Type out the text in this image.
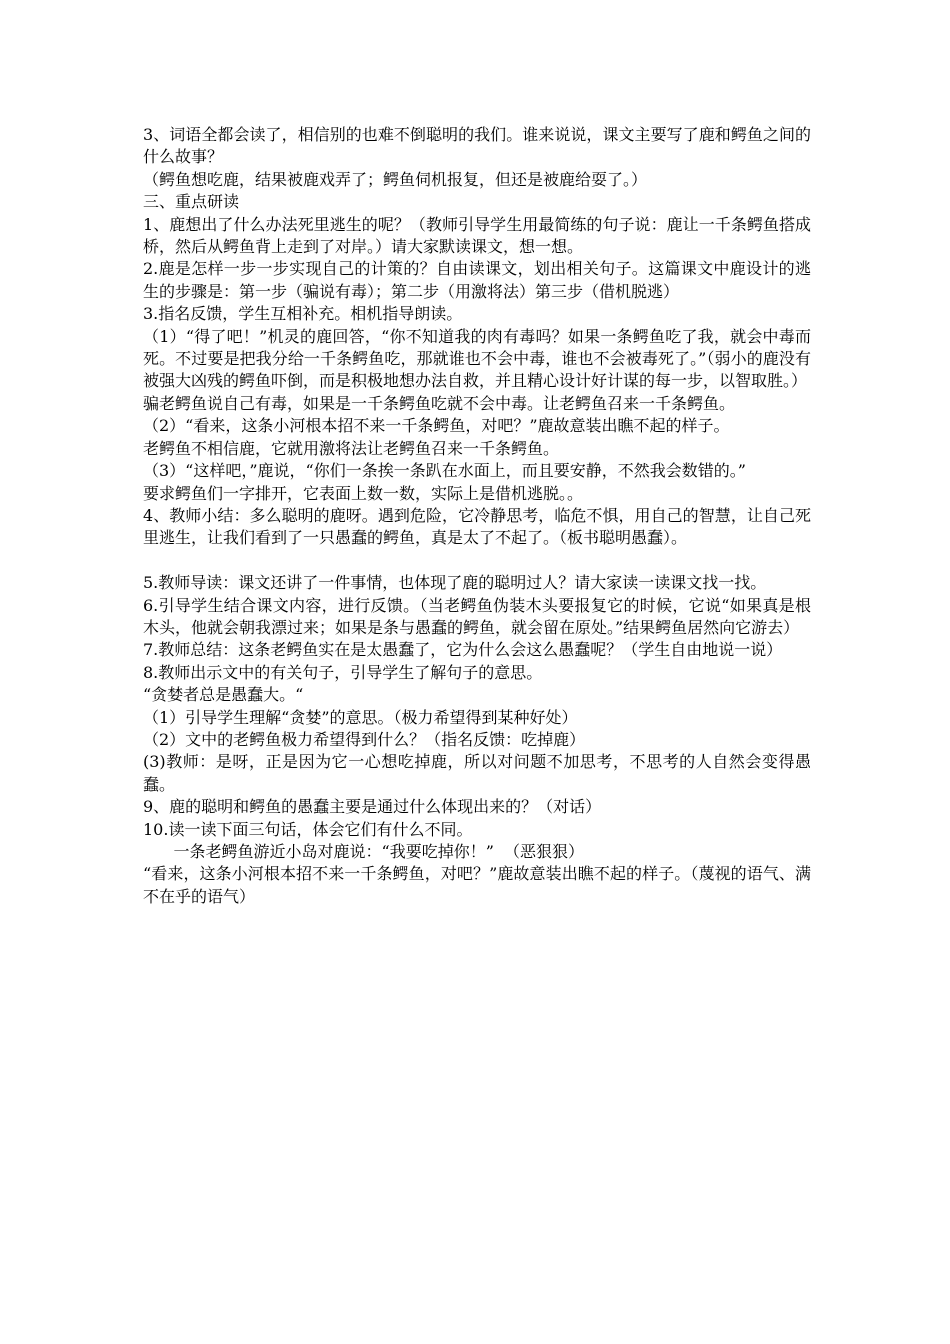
3、词语全都会读了，相信别的也难不倒聪明的我们。谁来说说，课文主要写了鹿和鳄鱼之间的什么故事？

（鳄鱼想吃鹿，结果被鹿戏弄了；鳄鱼伺机报复，但还是被鹿给耍了。）

三、重点研读

1、鹿想出了什么办法死里逃生的呢？（教师引导学生用最简练的句子说：鹿让一千条鳄鱼搭成桥，然后从鳄鱼背上走到了对岸。）请大家默读课文，想一想。

2.鹿是怎样一步一步实现自己的计策的？自由读课文，划出相关句子。这篇课文中鹿设计的逃生的步骤是：第一步（骗说有毒）；第二步（用激将法）第三步（借机脱逃）

3.指名反馈，学生互相补充。相机指导朗读。

（1）“得了吧！”机灵的鹿回答，“你不知道我的肉有毒吗？如果一条鳄鱼吃了我，就会中毒而死。不过要是把我分给一千条鳄鱼吃，那就谁也不会中毒，谁也不会被毒死了。”（弱小的鹿没有被强大凶残的鳄鱼吓倒，而是积极地想办法自救，并且精心设计好计谋的每一步，以智取胜。）

骗老鳄鱼说自己有毒，如果是一千条鳄鱼吃就不会中毒。让老鳄鱼召来一千条鳄鱼。

（2）“看来，这条小河根本招不来一千条鳄鱼，对吧？”鹿故意装出瞧不起的样子。

老鳄鱼不相信鹿，它就用激将法让老鳄鱼召来一千条鳄鱼。

（3）“这样吧，”鹿说，“你们一条挨一条趴在水面上，而且要安静，不然我会数错的。”

要求鳄鱼们一字排开，它表面上数一数，实际上是借机逃脱。。

4、教师小结：多么聪明的鹿呀。遇到危险，它冷静思考，临危不惧，用自己的智慧，让自己死里逃生，让我们看到了一只愚蠢的鳄鱼，真是太了不起了。（板书聪明愚蠢）。

5.教师导读：课文还讲了一件事情，也体现了鹿的聪明过人？请大家读一读课文找一找。

6.引导学生结合课文内容，进行反馈。（当老鳄鱼伪装木头要报复它的时候，它说“如果真是根木头，他就会朝我漂过来；如果是条与愚蠢的鳄鱼，就会留在原处。”结果鳄鱼居然向它游去）

7.教师总结：这条老鳄鱼实在是太愚蠢了，它为什么会这么愚蠢呢？（学生自由地说一说）

8.教师出示文中的有关句子，引导学生了解句子的意思。

“贪婪者总是愚蠢大。“

（1）引导学生理解“贪婪”的意思。（极力希望得到某种好处）

（2）文中的老鳄鱼极力希望得到什么？（指名反馈：吃掉鹿）

(3)教师：是呀，正是因为它一心想吃掉鹿，所以对问题不加思考，不思考的人自然会变得愚蠢。

9、鹿的聪明和鳄鱼的愚蠢主要是通过什么体现出来的？（对话）

10.读一读下面三句话，体会它们有什么不同。

一条老鳄鱼游近小岛对鹿说：“我要吃掉你！”  （恶狠狠）

“看来，这条小河根本招不来一千条鳄鱼，对吧？”鹿故意装出瞧不起的样子。（蔑视的语气、满不在乎的语气）
